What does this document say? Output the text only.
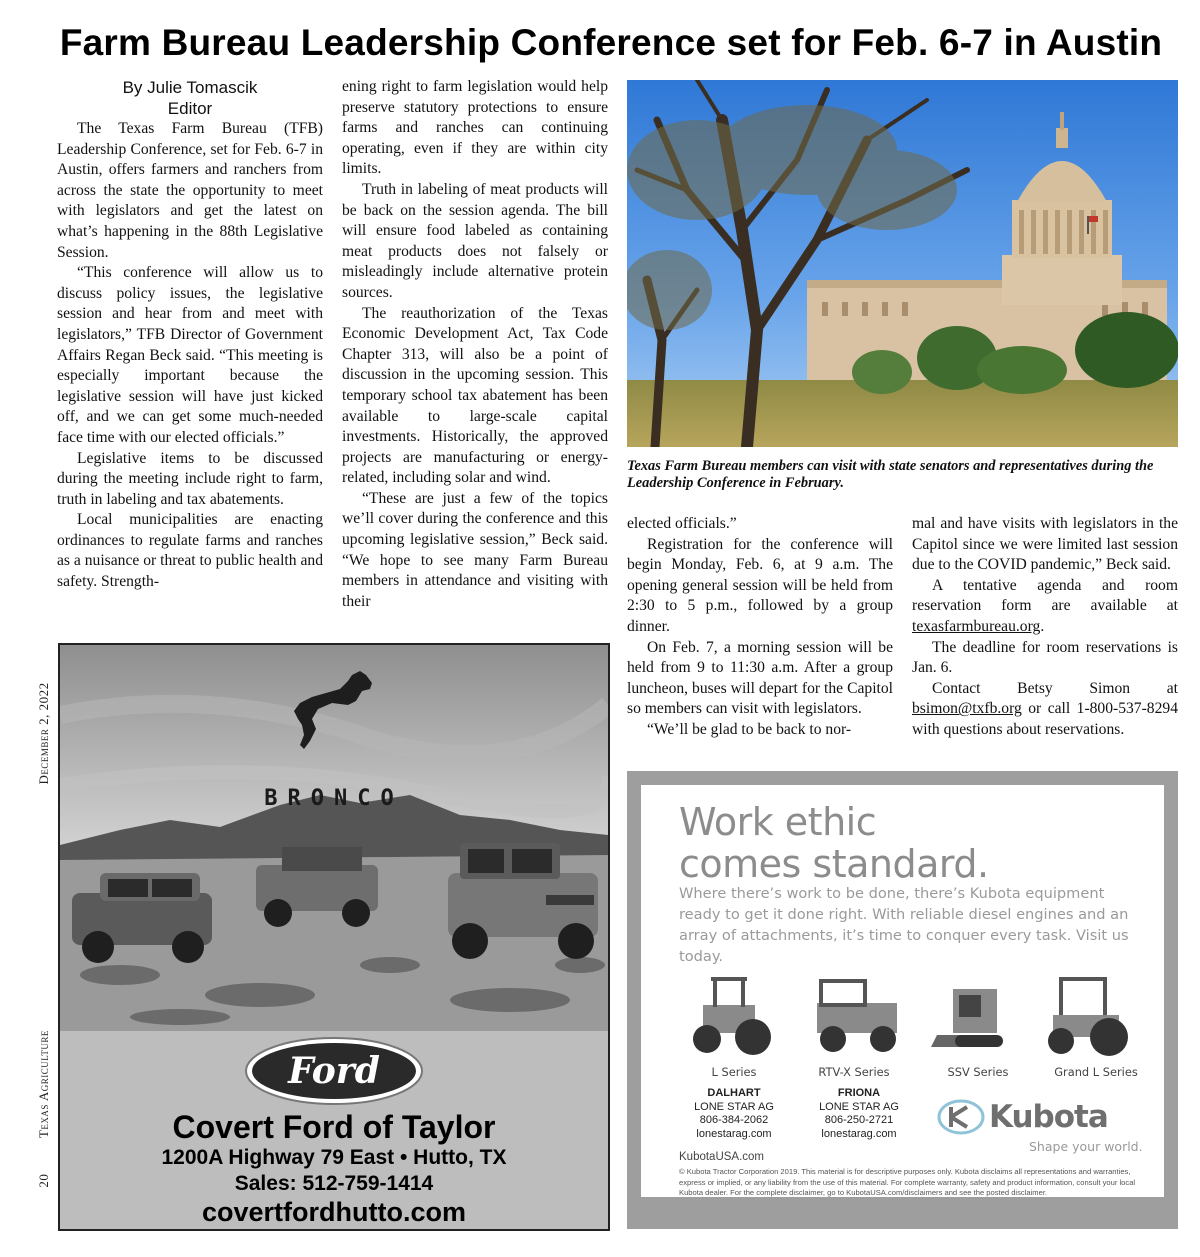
Farm Bureau Leadership Conference set for Feb. 6-7 in Austin
By Julie Tomascik
Editor

The Texas Farm Bureau (TFB) Leadership Conference, set for Feb. 6-7 in Austin, offers farmers and ranchers from across the state the opportunity to meet with legislators and get the latest on what’s happening in the 88th Legislative Session.

“This conference will allow us to discuss policy issues, the legislative session and hear from and meet with legislators,” TFB Director of Government Affairs Regan Beck said. “This meeting is especially important because the legislative session will have just kicked off, and we can get some much-needed face time with our elected officials.”

Legislative items to be discussed during the meeting include right to farm, truth in labeling and tax abatements.

Local municipalities are enacting ordinances to regulate farms and ranches as a nuisance or threat to public health and safety. Strength-

ening right to farm legislation would help preserve statutory protections to ensure farms and ranches can continuing operating, even if they are within city limits.

Truth in labeling of meat products will be back on the session agenda. The bill will ensure food labeled as containing meat products does not falsely or misleadingly include alternative protein sources.

The reauthorization of the Texas Economic Development Act, Tax Code Chapter 313, will also be a point of discussion in the upcoming session. This temporary school tax abatement has been available to large-scale capital investments. Historically, the approved projects are manufacturing or energy-related, including solar and wind.

“These are just a few of the topics we’ll cover during the conference and this upcoming legislative session,” Beck said. “We hope to see many Farm Bureau members in attendance and visiting with their

Texas Farm Bureau members can visit with state senators and representatives during the Leadership Conference in February.

elected officials.”

Registration for the conference will begin Monday, Feb. 6, at 9 a.m. The opening general session will be held from 2:30 to 5 p.m., followed by a group dinner.

On Feb. 7, a morning session will be held from 9 to 11:30 a.m. After a group luncheon, buses will depart for the Capitol so members can visit with legislators.

“We’ll be glad to be back to nor-

mal and have visits with legislators in the Capitol since we were limited last session due to the COVID pandemic,” Beck said.

A tentative agenda and room reservation form are available at texasfarmbureau.org.

The deadline for room reservations is Jan. 6.

Contact Betsy Simon at bsimon@txfb.org or call 1-800-537-8294 with questions about reservations.

20  Texas Agriculture  December 2, 2022
BRONCO
Ford
Covert Ford of Taylor
1200A Highway 79 East • Hutto, TX
Sales: 512-759-1414
covertfordhutto.com
Work ethic
comes standard.
Where there’s work to be done, there’s Kubota equipment ready to get it done right. With reliable diesel engines and an array of attachments, it’s time to conquer every task. Visit us today.
L Series	RTV-X Series	SSV Series	Grand L Series
DALHART
LONE STAR AG
806-384-2062
lonestarag.com
FRIONA
LONE STAR AG
806-250-2721
lonestarag.com	Kubota
Shape your world.
KubotaUSA.com
© Kubota Tractor Corporation 2019. This material is for descriptive purposes only. Kubota disclaims all representations and warranties, express or implied, or any liability from the use of this material. For complete warranty, safety and product information, consult your local Kubota dealer. For the complete disclaimer, go to KubotaUSA.com/disclaimers and see the posted disclaimer.
